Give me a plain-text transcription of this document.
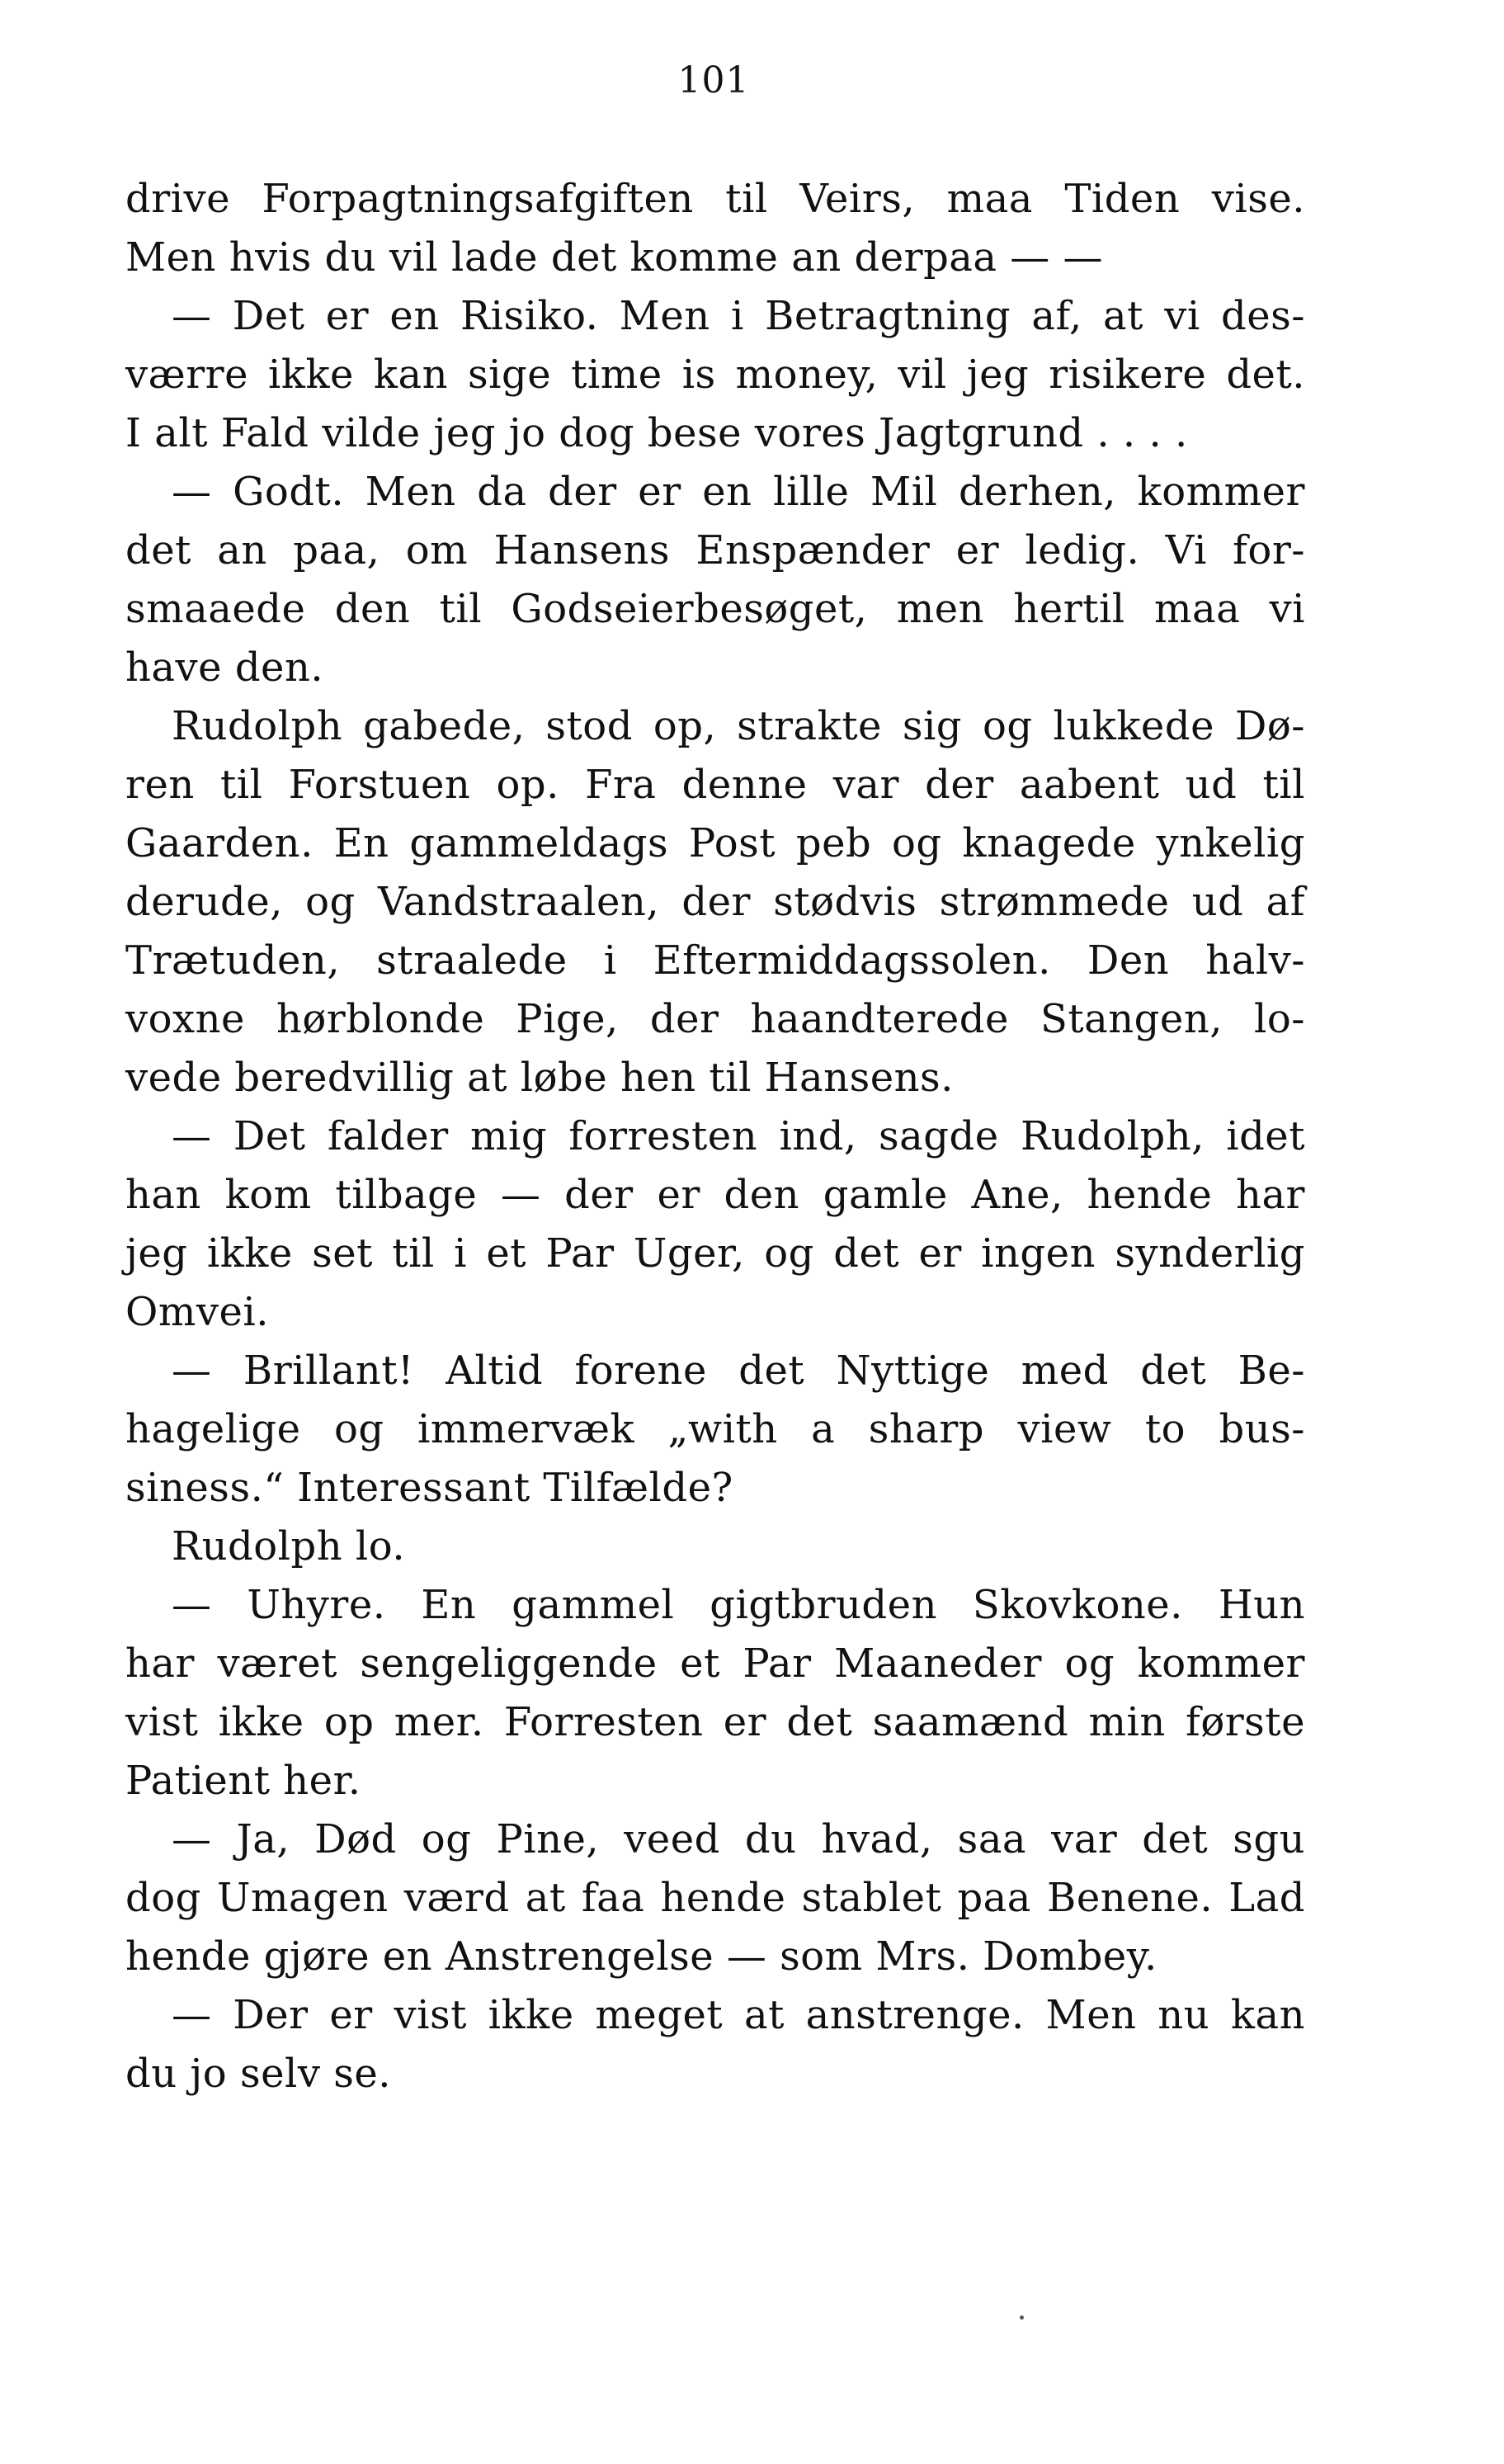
101
drive Forpagtningsafgiften til Veirs, maa Tiden vise.
Men hvis du vil lade det komme an derpaa — —
— Det er en Risiko. Men i Betragtning af, at vi des-
værre ikke kan sige time is money, vil jeg risikere det.
I alt Fald vilde jeg jo dog bese vores Jagtgrund . . . .
— Godt. Men da der er en lille Mil derhen, kommer
det an paa, om Hansens Enspænder er ledig. Vi for-
smaaede den til Godseierbesøget, men hertil maa vi
have den.
Rudolph gabede, stod op, strakte sig og lukkede Dø-
ren til Forstuen op. Fra denne var der aabent ud til
Gaarden. En gammeldags Post peb og knagede ynkelig
derude, og Vandstraalen, der stødvis strømmede ud af
Trætuden, straalede i Eftermiddagssolen. Den halv-
voxne hørblonde Pige, der haandterede Stangen, lo-
vede beredvillig at løbe hen til Hansens.
— Det falder mig forresten ind, sagde Rudolph, idet
han kom tilbage — der er den gamle Ane, hende har
jeg ikke set til i et Par Uger, og det er ingen synderlig
Omvei.
— Brillant! Altid forene det Nyttige med det Be-
hagelige og immervæk „with a sharp view to bus-
siness.“ Interessant Tilfælde?
Rudolph lo.
— Uhyre. En gammel gigtbruden Skovkone. Hun
har været sengeliggende et Par Maaneder og kommer
vist ikke op mer. Forresten er det saamænd min første
Patient her.
— Ja, Død og Pine, veed du hvad, saa var det sgu
dog Umagen værd at faa hende stablet paa Benene. Lad
hende gjøre en Anstrengelse — som Mrs. Dombey.
— Der er vist ikke meget at anstrenge. Men nu kan
du jo selv se.
